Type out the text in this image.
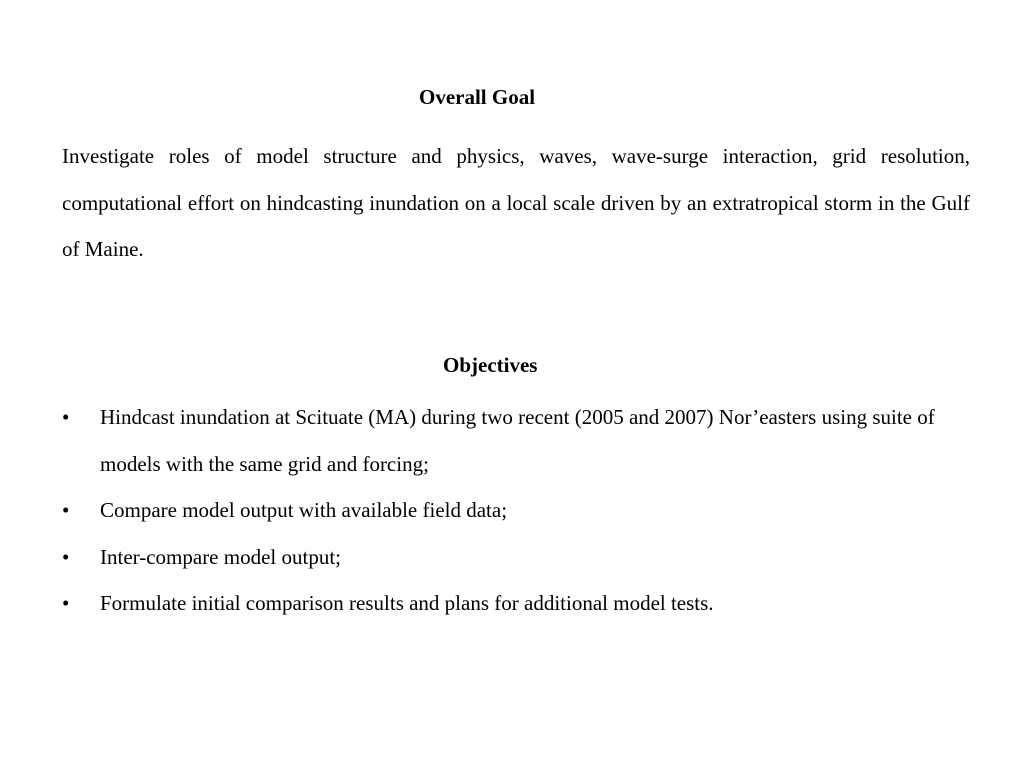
Overall Goal

Investigate roles of model structure and physics, waves, wave-surge interaction, grid resolution, computational effort on hindcasting inundation on a local scale driven by an extratropical storm in the Gulf of Maine.

Objectives
•	Hindcast inundation at Scituate (MA) during two recent (2005 and 2007) Nor’easters using suite of models with the same grid and forcing;
•	Compare model output with available field data;
•	Inter-compare model output;
•	Formulate initial comparison results and plans for additional model tests.
